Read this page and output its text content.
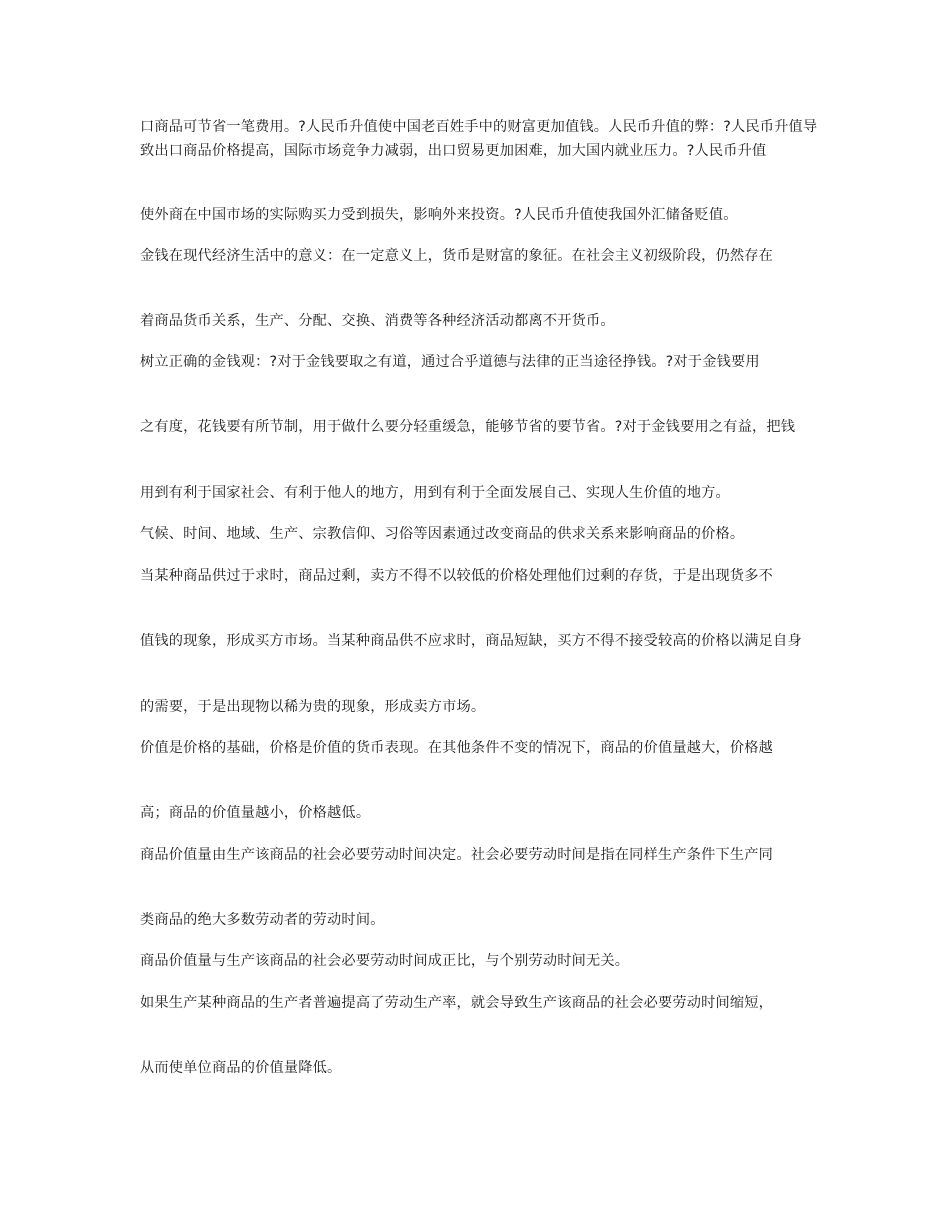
口商品可节省一笔费用。?人民币升值使中国老百姓手中的财富更加值钱。人民币升值的弊：?人民币升值导致出口商品价格提高，国际市场竞争力减弱，出口贸易更加困难，加大国内就业压力。?人民币升值

使外商在中国市场的实际购买力受到损失，影响外来投资。?人民币升值使我国外汇储备贬值。

金钱在现代经济生活中的意义：在一定意义上，货币是财富的象征。在社会主义初级阶段，仍然存在

着商品货币关系，生产、分配、交换、消费等各种经济活动都离不开货币。

树立正确的金钱观：?对于金钱要取之有道，通过合乎道德与法律的正当途径挣钱。?对于金钱要用

之有度，花钱要有所节制，用于做什么要分轻重缓急，能够节省的要节省。?对于金钱要用之有益，把钱

用到有利于国家社会、有利于他人的地方，用到有利于全面发展自己、实现人生价值的地方。

气候、时间、地域、生产、宗教信仰、习俗等因素通过改变商品的供求关系来影响商品的价格。

当某种商品供过于求时，商品过剩，卖方不得不以较低的价格处理他们过剩的存货，于是出现货多不

值钱的现象，形成买方市场。当某种商品供不应求时，商品短缺，买方不得不接受较高的价格以满足自身

的需要，于是出现物以稀为贵的现象，形成卖方市场。

价值是价格的基础，价格是价值的货币表现。在其他条件不变的情况下，商品的价值量越大，价格越

高；商品的价值量越小，价格越低。

商品价值量由生产该商品的社会必要劳动时间决定。社会必要劳动时间是指在同样生产条件下生产同

类商品的绝大多数劳动者的劳动时间。

商品价值量与生产该商品的社会必要劳动时间成正比，与个别劳动时间无关。

如果生产某种商品的生产者普遍提高了劳动生产率，就会导致生产该商品的社会必要劳动时间缩短，

从而使单位商品的价值量降低。
